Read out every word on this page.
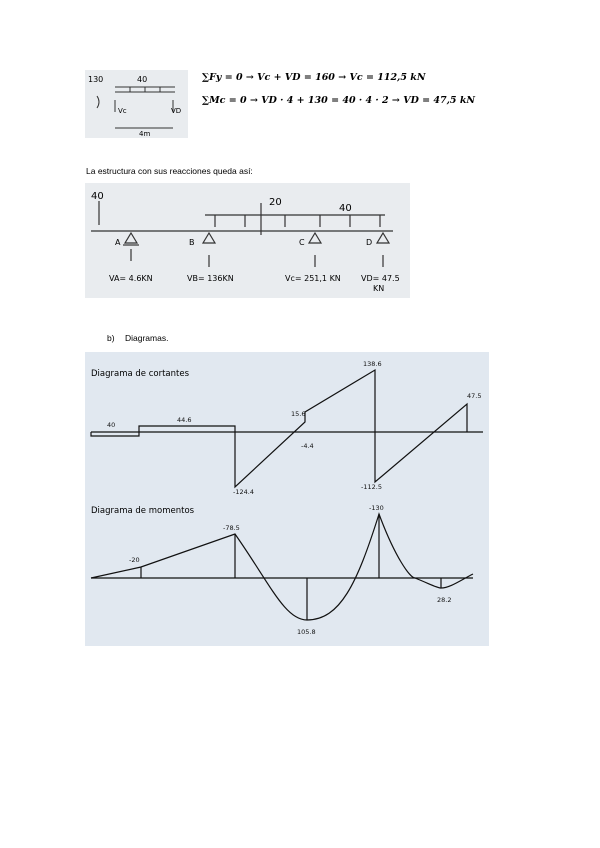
130	40
Vc	VD
4m
∑Fy = 0 → Vc + VD = 160 → Vc = 112,5 kN
∑Mc = 0 → VD · 4 + 130 = 40 · 4 · 2 → VD = 47,5 kN
La estructura con sus reacciones queda así:
40
20
40
A	B	C	D
VA= 4.6KN	VB= 136KN	Vc= 251,1 KN	VD= 47.5
KN
b) Diagramas.
Diagrama de cortantes
40
44.6
-124.4
15.6
-4.4
138.6
-112.5
47.5
Diagrama de momentos
-20
-78.5
105.8
-130
28.2
